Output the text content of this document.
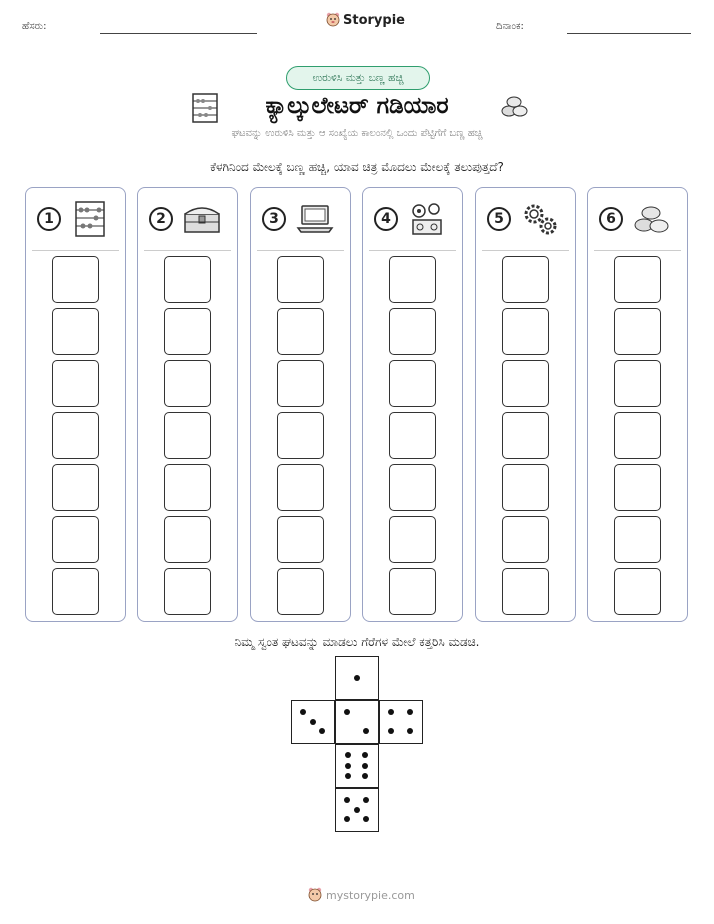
ಹೆಸರು:	Storypie	ದಿನಾಂಕ:
ಉರುಳಿಸಿ ಮತ್ತು ಬಣ್ಣ ಹಚ್ಚಿ
ಕ್ಯಾಲ್ಕುಲೇಟರ್ ಗಡಿಯಾರ
ಘಟವನ್ನು ಉರುಳಿಸಿ ಮತ್ತು ಆ ಸಂಖ್ಯೆಯ ಕಾಲಂನಲ್ಲಿ ಒಂದು ಪೆಟ್ಟಿಗೆಗೆ ಬಣ್ಣ ಹಚ್ಚಿ
ಕೆಳಗಿನಿಂದ ಮೇಲಕ್ಕೆ ಬಣ್ಣ ಹಚ್ಚಿ, ಯಾವ ಚಿತ್ರ ಮೊದಲು ಮೇಲಕ್ಕೆ ತಲುಪುತ್ತದೆ?
1	2	3	4	5	6
ನಿಮ್ಮ ಸ್ವಂತ ಘಟವನ್ನು ಮಾಡಲು ಗೆರೆಗಳ ಮೇಲೆ ಕತ್ತರಿಸಿ ಮಡಚಿ.
mystorypie.com
